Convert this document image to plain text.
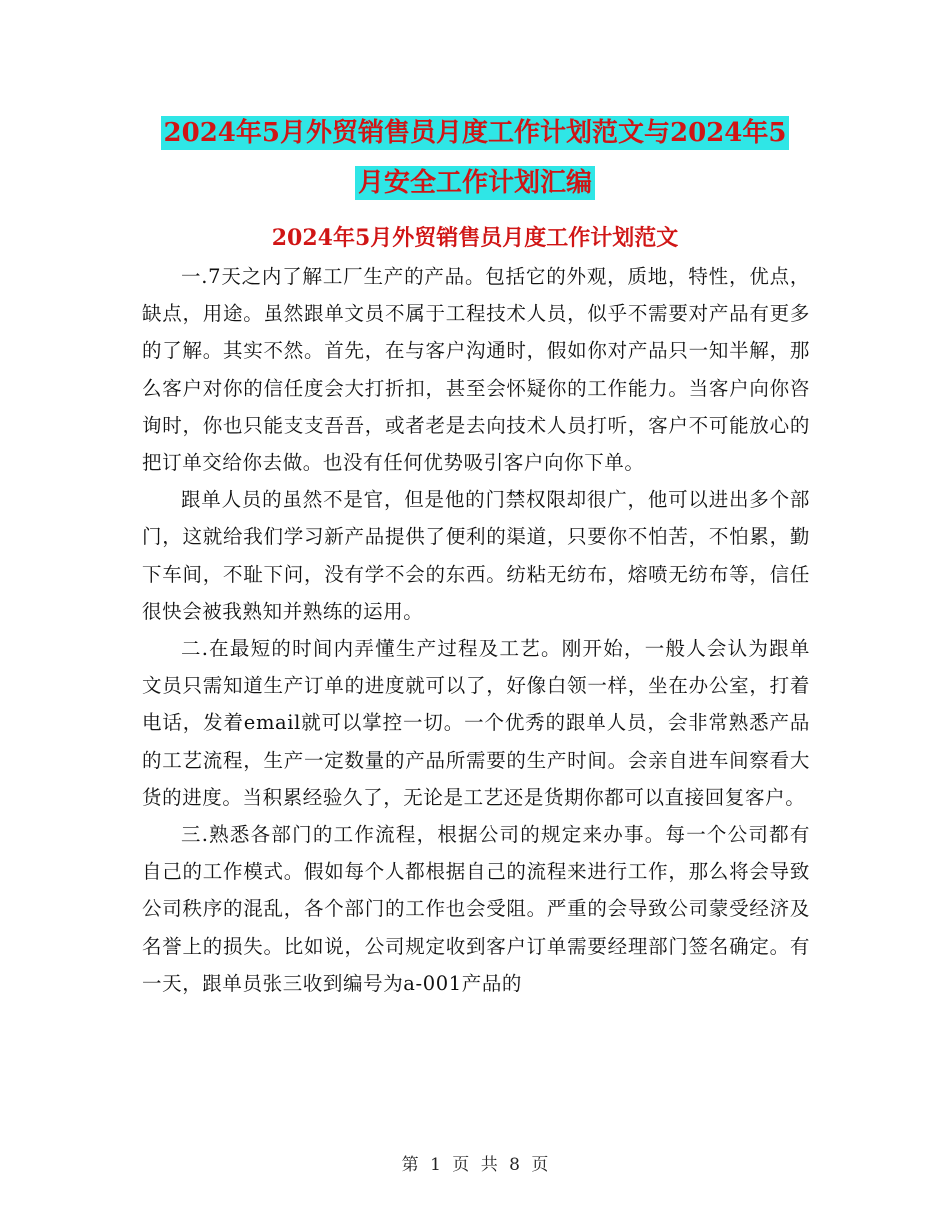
2024年5月外贸销售员月度工作计划范文与2024年5
月安全工作计划汇编
2024年5月外贸销售员月度工作计划范文

一.7天之内了解工厂生产的产品。包括它的外观，质地，特性，优点，缺点，用途。虽然跟单文员不属于工程技术人员，似乎不需要对产品有更多的了解。其实不然。首先，在与客户沟通时，假如你对产品只一知半解，那么客户对你的信任度会大打折扣，甚至会怀疑你的工作能力。当客户向你咨询时，你也只能支支吾吾，或者老是去向技术人员打听，客户不可能放心的把订单交给你去做。也没有任何优势吸引客户向你下单。

跟单人员的虽然不是官，但是他的门禁权限却很广，他可以进出多个部门，这就给我们学习新产品提供了便利的渠道，只要你不怕苦，不怕累，勤下车间，不耻下问，没有学不会的东西。纺粘无纺布，熔喷无纺布等，信任很快会被我熟知并熟练的运用。

二.在最短的时间内弄懂生产过程及工艺。刚开始，一般人会认为跟单文员只需知道生产订单的进度就可以了，好像白领一样，坐在办公室，打着电话，发着email就可以掌控一切。一个优秀的跟单人员，会非常熟悉产品的工艺流程，生产一定数量的产品所需要的生产时间。会亲自进车间察看大货的进度。当积累经验久了，无论是工艺还是货期你都可以直接回复客户。

三.熟悉各部门的工作流程，根据公司的规定来办事。每一个公司都有自己的工作模式。假如每个人都根据自己的流程来进行工作，那么将会导致公司秩序的混乱，各个部门的工作也会受阻。严重的会导致公司蒙受经济及名誉上的损失。比如说，公司规定收到客户订单需要经理部门签名确定。有一天，跟单员张三收到编号为a-001产品的

第 1 页 共 8 页
